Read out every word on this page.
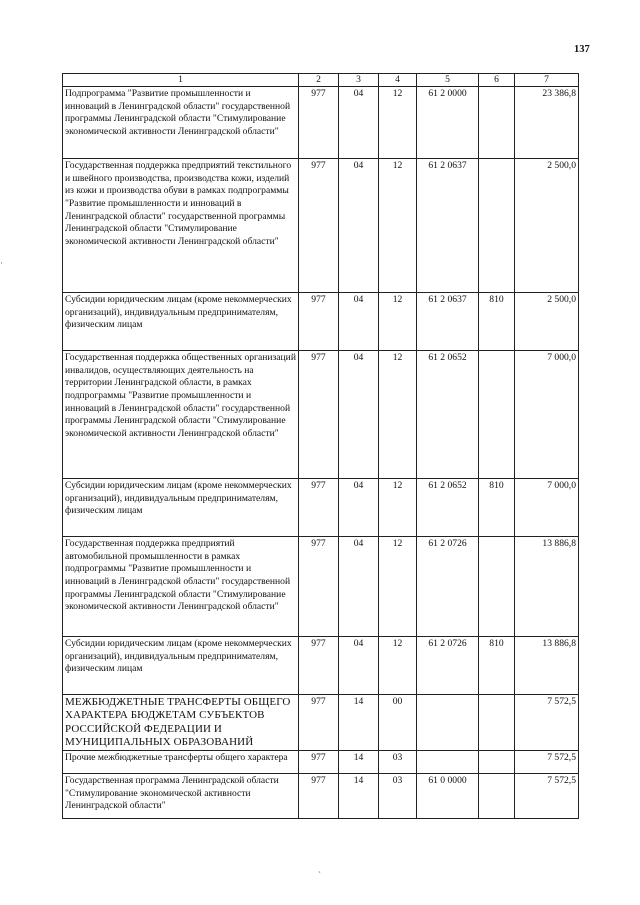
137
1	2	3	4	5	6	7
Подпрограмма "Развитие промышленности и инноваций в Ленинградской области" государственной программы Ленинградской области "Стимулирование экономической активности Ленинградской области"	977	04	12	61 2 0000		23 386,8
Государственная поддержка предприятий текстильного и швейного производства, производства кожи, изделий из кожи и производства обуви в рамках подпрограммы "Развитие промышленности и инноваций в Ленинградской области" государственной программы Ленинградской области "Стимулирование экономической активности Ленинградской области"	977	04	12	61 2 0637		2 500,0
Субсидии юридическим лицам (кроме некоммерческих организаций), индивидуальным предпринимателям, физическим лицам	977	04	12	61 2 0637	810	2 500,0
Государственная поддержка общественных организаций инвалидов, осуществляющих деятельность на территории Ленинградской области, в рамках подпрограммы "Развитие промышленности и инноваций в Ленинградской области" государственной программы Ленинградской области "Стимулирование экономической активности Ленинградской области"	977	04	12	61 2 0652		7 000,0
Субсидии юридическим лицам (кроме некоммерческих организаций), индивидуальным предпринимателям, физическим лицам	977	04	12	61 2 0652	810	7 000,0
Государственная поддержка предприятий автомобильной промышленности в рамках подпрограммы "Развитие промышленности и инноваций в Ленинградской области" государственной программы Ленинградской области "Стимулирование экономической активности Ленинградской области"	977	04	12	61 2 0726		13 886,8
Субсидии юридическим лицам (кроме некоммерческих организаций), индивидуальным предпринимателям, физическим лицам	977	04	12	61 2 0726	810	13 886,8
МЕЖБЮДЖЕТНЫЕ ТРАНСФЕРТЫ ОБЩЕГО ХАРАКТЕРА БЮДЖЕТАМ СУБЪЕКТОВ РОССИЙСКОЙ ФЕДЕРАЦИИ И МУНИЦИПАЛЬНЫХ ОБРАЗОВАНИЙ	977	14	00			7 572,5
Прочие межбюджетные трансферты общего характера	977	14	03			7 572,5
Государственная программа Ленинградской области "Стимулирование экономической активности Ленинградской области"	977	14	03	61 0 0000		7 572,5
·
`
